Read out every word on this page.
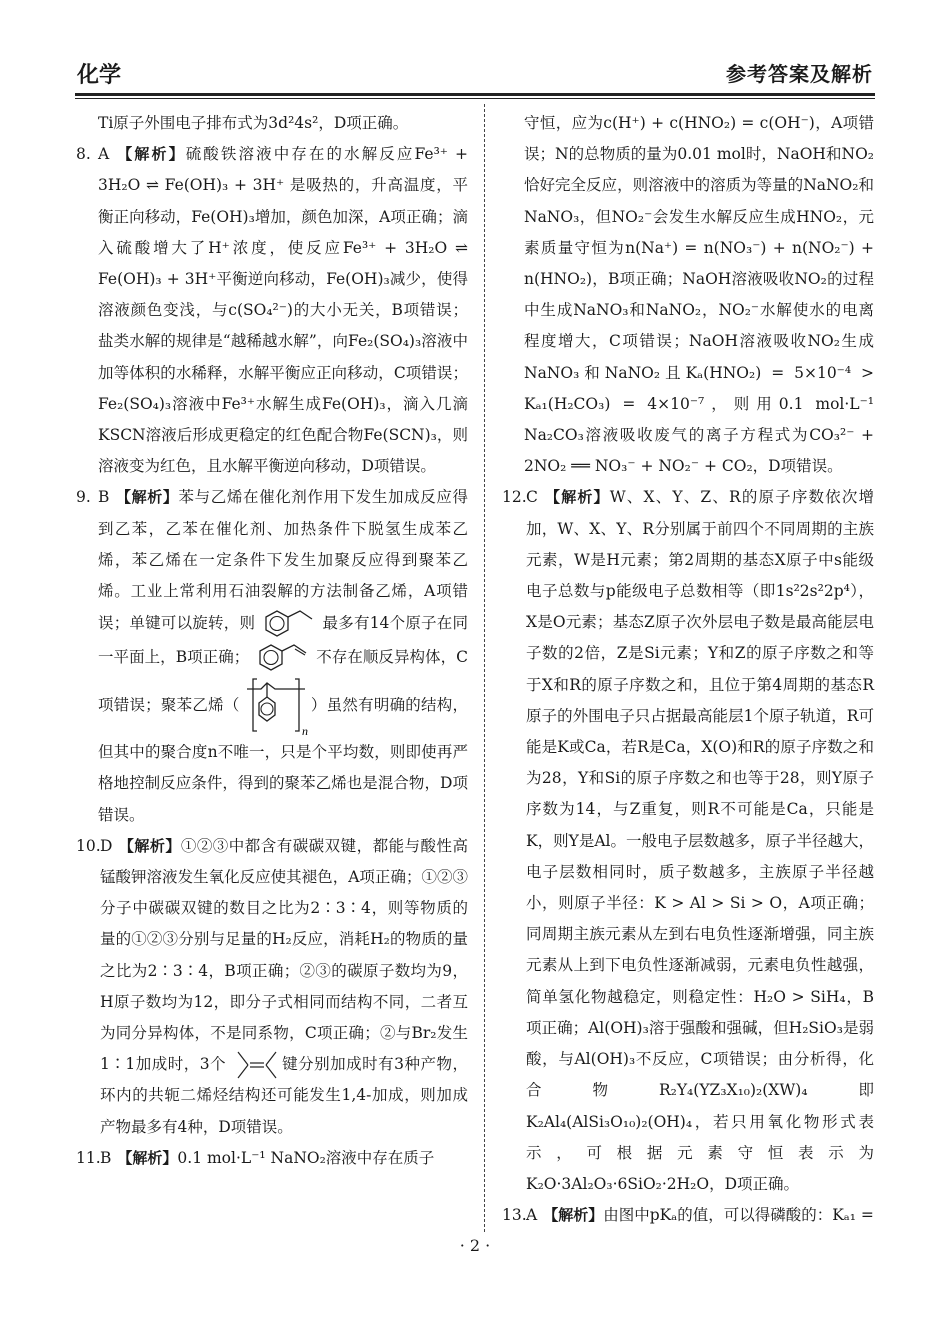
化学	参考答案及解析

Ti原子外围电子排布式为3d²4s²，D项正确。

8. A 【解析】硫酸铁溶液中存在的水解反应Fe³⁺ + 3H₂O ⇌ Fe(OH)₃ + 3H⁺ 是吸热的，升高温度，平衡正向移动，Fe(OH)₃增加，颜色加深，A项正确；滴入硫酸增大了H⁺浓度，使反应Fe³⁺ + 3H₂O ⇌ Fe(OH)₃ + 3H⁺平衡逆向移动，Fe(OH)₃减少，使得溶液颜色变浅，与c(SO₄²⁻)的大小无关，B项错误；盐类水解的规律是“越稀越水解”，向Fe₂(SO₄)₃溶液中加等体积的水稀释，水解平衡应正向移动，C项错误；Fe₂(SO₄)₃溶液中Fe³⁺水解生成Fe(OH)₃，滴入几滴KSCN溶液后形成更稳定的红色配合物Fe(SCN)₃，则溶液变为红色，且水解平衡逆向移动，D项错误。

9. B 【解析】苯与乙烯在催化剂作用下发生加成反应得到乙苯，乙苯在催化剂、加热条件下脱氢生成苯乙烯，苯乙烯在一定条件下发生加聚反应得到聚苯乙烯。工业上常利用石油裂解的方法制备乙烯，A项错误；单键可以旋转，则	最多有14个原子在同一平面上，B项正确；	不存在顺反异构体，C项错误；聚苯乙烯（
n
）虽然有明确的结构，但其中的聚合度n不唯一，只是个平均数，则即使再严格地控制反应条件，得到的聚苯乙烯也是混合物，D项错误。

10. D 【解析】①②③中都含有碳碳双键，都能与酸性高锰酸钾溶液发生氧化反应使其褪色，A项正确；①②③分子中碳碳双键的数目之比为2∶3∶4，则等物质的量的①②③分别与足量的H₂反应，消耗H₂的物质的量之比为2∶3∶4，B项正确；②③的碳原子数均为9，H原子数均为12，即分子式相同而结构不同，二者互为同分异构体，不是同系物，C项正确；②与Br₂发生1∶1加成时，3个	键分别加成时有3种产物，环内的共轭二烯烃结构还可能发生1,4-加成，则加成产物最多有4种，D项错误。

11. B 【解析】0.1 mol·L⁻¹ NaNO₂溶液中存在质子

守恒，应为c(H⁺) + c(HNO₂) = c(OH⁻)，A项错误；N的总物质的量为0.01 mol时，NaOH和NO₂恰好完全反应，则溶液中的溶质为等量的NaNO₂和NaNO₃，但NO₂⁻会发生水解反应生成HNO₂，元素质量守恒为n(Na⁺) = n(NO₃⁻) + n(NO₂⁻) + n(HNO₂)，B项正确；NaOH溶液吸收NO₂的过程中生成NaNO₃和NaNO₂，NO₂⁻水解使水的电离程度增大，C项错误；NaOH溶液吸收NO₂生成NaNO₃和NaNO₂且Kₐ(HNO₂) = 5×10⁻⁴ > Kₐ₁(H₂CO₃) = 4×10⁻⁷，则用0.1 mol·L⁻¹ Na₂CO₃溶液吸收废气的离子方程式为CO₃²⁻ + 2NO₂ ══ NO₃⁻ + NO₂⁻ + CO₂，D项错误。

12. C 【解析】W、X、Y、Z、R的原子序数依次增加，W、X、Y、R分别属于前四个不同周期的主族元素，W是H元素；第2周期的基态X原子中s能级电子总数与p能级电子总数相等（即1s²2s²2p⁴），X是O元素；基态Z原子次外层电子数是最高能层电子数的2倍，Z是Si元素；Y和Z的原子序数之和等于X和R的原子序数之和，且位于第4周期的基态R原子的外围电子只占据最高能层1个原子轨道，R可能是K或Ca，若R是Ca，X(O)和R的原子序数之和为28，Y和Si的原子序数之和也等于28，则Y原子序数为14，与Z重复，则R不可能是Ca，只能是K，则Y是Al。一般电子层数越多，原子半径越大，电子层数相同时，质子数越多，主族原子半径越小，则原子半径：K > Al > Si > O，A项正确；同周期主族元素从左到右电负性逐渐增强，同主族元素从上到下电负性逐渐减弱，元素电负性越强，简单氢化物越稳定，则稳定性：H₂O > SiH₄，B项正确；Al(OH)₃溶于强酸和强碱，但H₂SiO₃是弱酸，与Al(OH)₃不反应，C项错误；由分析得，化合物R₂Y₄(YZ₃X₁₀)₂(XW)₄即K₂Al₄(AlSi₃O₁₀)₂(OH)₄，若只用氧化物形式表示，可根据元素守恒表示为K₂O·3Al₂O₃·6SiO₂·2H₂O，D项正确。

13. A 【解析】由图中pKₐ的值，可以得磷酸的：Kₐ₁ =

· 2 ·
